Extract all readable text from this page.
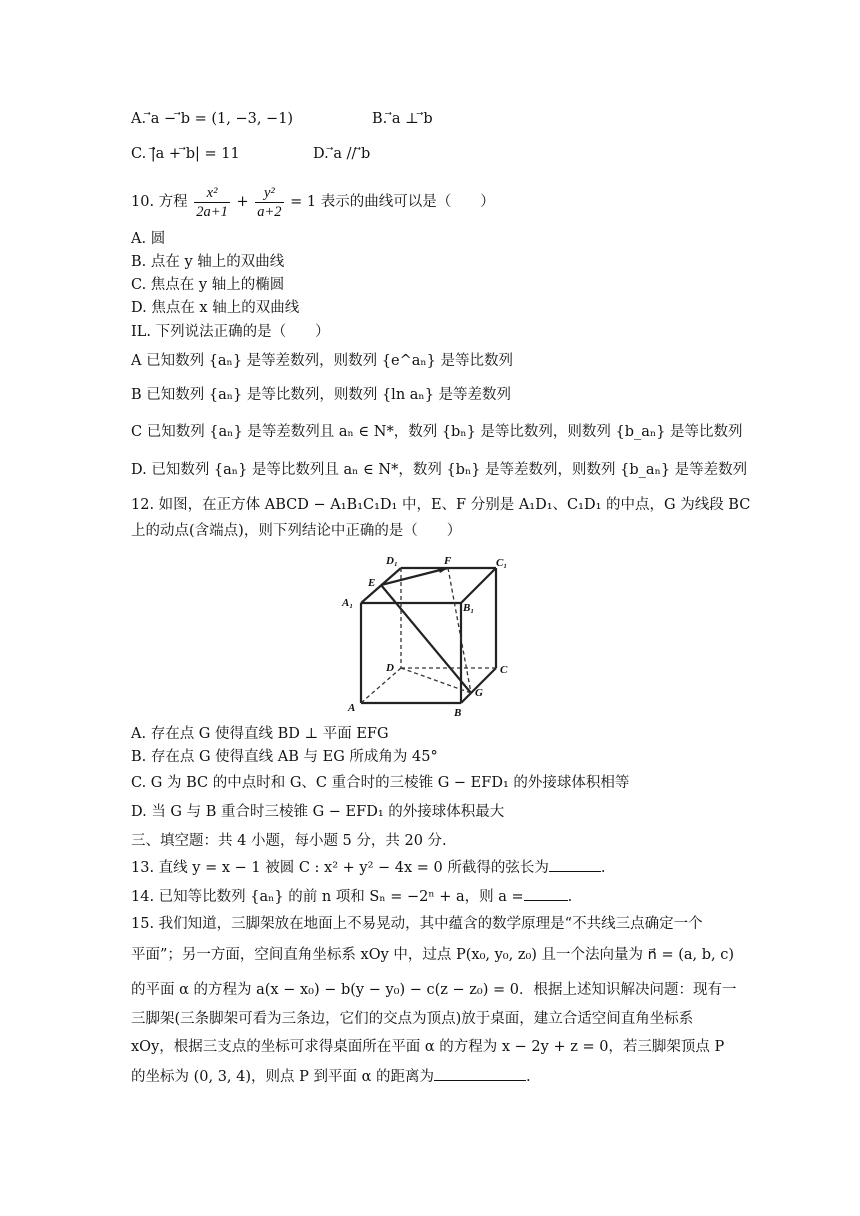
A. ⃗a − ⃗b = (1, −3, −1)	B. ⃗a ⊥ ⃗b
C. |⃗a + ⃗b| = 11	D. ⃗a // ⃗b
10. 方程 $\frac{\text{x²}}{2a+1} + \frac{\text{y²}}{a+2} = 1$ 表示的曲线可以是（　　）
A. 圆
B. 点在 y 轴上的双曲线
C. 焦点在 y 轴上的椭圆
D. 焦点在 x 轴上的双曲线
IL. 下列说法正确的是（　　）
A 已知数列 {aₙ} 是等差数列，则数列 {e^aₙ} 是等比数列
B 已知数列 {aₙ} 是等比数列，则数列 {ln aₙ} 是等差数列
C 已知数列 {aₙ} 是等差数列且 aₙ ∈ N*，数列 {bₙ} 是等比数列，则数列 {b_aₙ} 是等比数列
D. 已知数列 {aₙ} 是等比数列且 aₙ ∈ N*，数列 {bₙ} 是等差数列，则数列 {b_aₙ} 是等差数列
12. 如图，在正方体 ABCD − A₁B₁C₁D₁ 中，E、F 分别是 A₁D₁、C₁D₁ 的中点，G 为线段 BC
上的动点(含端点)，则下列结论中正确的是（　　）
D₁	F	C₁
E
A₁	B₁
D	C
G
A	B
A. 存在点 G 使得直线 BD ⊥ 平面 EFG
B. 存在点 G 使得直线 AB 与 EG 所成角为 45°
C. G 为 BC 的中点时和 G、C 重合时的三棱锥 G − EFD₁ 的外接球体积相等
D. 当 G 与 B 重合时三棱锥 G − EFD₁ 的外接球体积最大
三、填空题：共 4 小题，每小题 5 分，共 20 分.
13. 直线 y = x − 1 被圆 C : x² + y² − 4x = 0 所截得的弦长为	.
14. 已知等比数列 {aₙ} 的前 n 项和 Sₙ = −2ⁿ + a，则 a =	.
15. 我们知道，三脚架放在地面上不易晃动，其中蕴含的数学原理是“不共线三点确定一个
平面”；另一方面，空间直角坐标系 xOy 中，过点 P(x₀, y₀, z₀) 且一个法向量为 n⃗ = (a, b, c)
的平面 α 的方程为 a(x − x₀) − b(y − y₀) − c(z − z₀) = 0．根据上述知识解决问题：现有一
三脚架(三条脚架可看为三条边，它们的交点为顶点)放于桌面，建立合适空间直角坐标系
xOy，根据三支点的坐标可求得桌面所在平面 α 的方程为 x − 2y + z = 0，若三脚架顶点 P
的坐标为 (0, 3, 4)，则点 P 到平面 α 的距离为	.
